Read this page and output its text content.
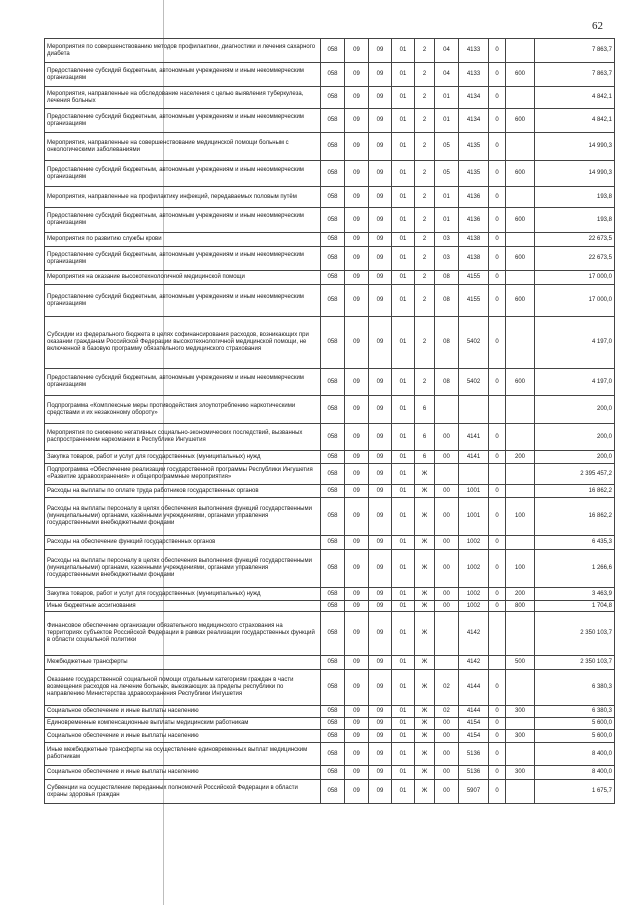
62
Мероприятия по совершенствованию методов профилактики, диагностики и лечения сахарного диабета	058	09	09	01	2	04	4133	0		7 863,7
Предоставление субсидий бюджетным, автономным учреждениям и иным некоммерческим организациям	058	09	09	01	2	04	4133	0	600	7 863,7
Мероприятия, направленные на обследование населения с целью выявления туберкулеза, лечения больных	058	09	09	01	2	01	4134	0		4 842,1
Предоставление субсидий бюджетным, автономным учреждениям и иным некоммерческим организациям	058	09	09	01	2	01	4134	0	600	4 842,1
Мероприятия, направленные на совершенствование медицинской помощи больным с онкологическими заболеваниями	058	09	09	01	2	05	4135	0		14 990,3
Предоставление субсидий бюджетным, автономным учреждениям и иным некоммерческим организациям	058	09	09	01	2	05	4135	0	600	14 990,3
Мероприятия, направленные на профилактику инфекций, передаваемых половым путём	058	09	09	01	2	01	4136	0		193,8
Предоставление субсидий бюджетным, автономным учреждениям и иным некоммерческим организациям	058	09	09	01	2	01	4136	0	600	193,8
Мероприятия по развитию службы крови	058	09	09	01	2	03	4138	0		22 673,5
Предоставление субсидий бюджетным, автономным учреждениям и иным некоммерческим организациям	058	09	09	01	2	03	4138	0	600	22 673,5
Мероприятия на оказание высокотехнологичной медицинской помощи	058	09	09	01	2	08	4155	0		17 000,0
Предоставление субсидий бюджетным, автономным учреждениям и иным некоммерческим организациям	058	09	09	01	2	08	4155	0	600	17 000,0
Субсидии из федерального бюджета в целях софинансирования расходов, возникающих при оказании гражданам Российской Федерации высокотехнологичной медицинской помощи, не включенной в базовую программу обязательного медицинского страхования	058	09	09	01	2	08	5402	0		4 197,0
Предоставление субсидий бюджетным, автономным учреждениям и иным некоммерческим организациям	058	09	09	01	2	08	5402	0	600	4 197,0
Подпрограмма «Комплексные меры противодействия злоупотреблению наркотическими средствами и их незаконному обороту»	058	09	09	01	6					200,0
Мероприятия по снижению негативных социально-экономических последствий, вызванных распространением наркомании в Республике Ингушетия	058	09	09	01	6	00	4141	0		200,0
Закупка товаров, работ и услуг для государственных (муниципальных) нужд	058	09	09	01	6	00	4141	0	200	200,0
Подпрограмма «Обеспечение реализации государственной программы Республики Ингушетия «Развитие здравоохранения» и общепрограммные мероприятия»	058	09	09	01	Ж					2 395 457,2
Расходы на выплаты по оплате труда работников государственных органов	058	09	09	01	Ж	00	1001	0		16 862,2
Расходы на выплаты персоналу в целях обеспечения выполнения функций государственными (муниципальными) органами, казёнными учреждениями, органами управления государственными внебюджетными фондами	058	09	09	01	Ж	00	1001	0	100	16 862,2
Расходы на обеспечение функций государственных органов	058	09	09	01	Ж	00	1002	0		6 435,3
Расходы на выплаты персоналу в целях обеспечения выполнения функций государственными (муниципальными) органами, казенными учреждениями, органами управления государственными внебюджетными фондами	058	09	09	01	Ж	00	1002	0	100	1 266,6
Закупка товаров, работ и услуг для государственных (муниципальных) нужд	058	09	09	01	Ж	00	1002	0	200	3 463,9
Иные бюджетные ассигнования	058	09	09	01	Ж	00	1002	0	800	1 704,8
Финансовое обеспечение организации обязательного медицинского страхования на территориях субъектов Российской Федерации в рамках реализации государственных функций в области социальной политики	058	09	09	01	Ж		4142			2 350 103,7
Межбюджетные трансферты	058	09	09	01	Ж		4142		500	2 350 103,7
Оказание государственной социальной помощи отдельным категориям граждан в части возмещения расходов на лечение больных, выезжающих за пределы республики по направлению Министерства здравоохранения Республики Ингушетия	058	09	09	01	Ж	02	4144	0		6 380,3
Социальное обеспечение и иные выплаты населению	058	09	09	01	Ж	02	4144	0	300	6 380,3
Единовременные компенсационные выплаты медицинским работникам	058	09	09	01	Ж	00	4154	0		5 600,0
Социальное обеспечение и иные выплаты населению	058	09	09	01	Ж	00	4154	0	300	5 600,0
Иные межбюджетные трансферты на осуществление единовременных выплат медицинским работникам	058	09	09	01	Ж	00	5136	0		8 400,0
Социальное обеспечение и иные выплаты населению	058	09	09	01	Ж	00	5136	0	300	8 400,0
Субвенции на осуществление переданных полномочий Российской Федерации в области охраны здоровья граждан	058	09	09	01	Ж	00	5907	0		1 675,7
